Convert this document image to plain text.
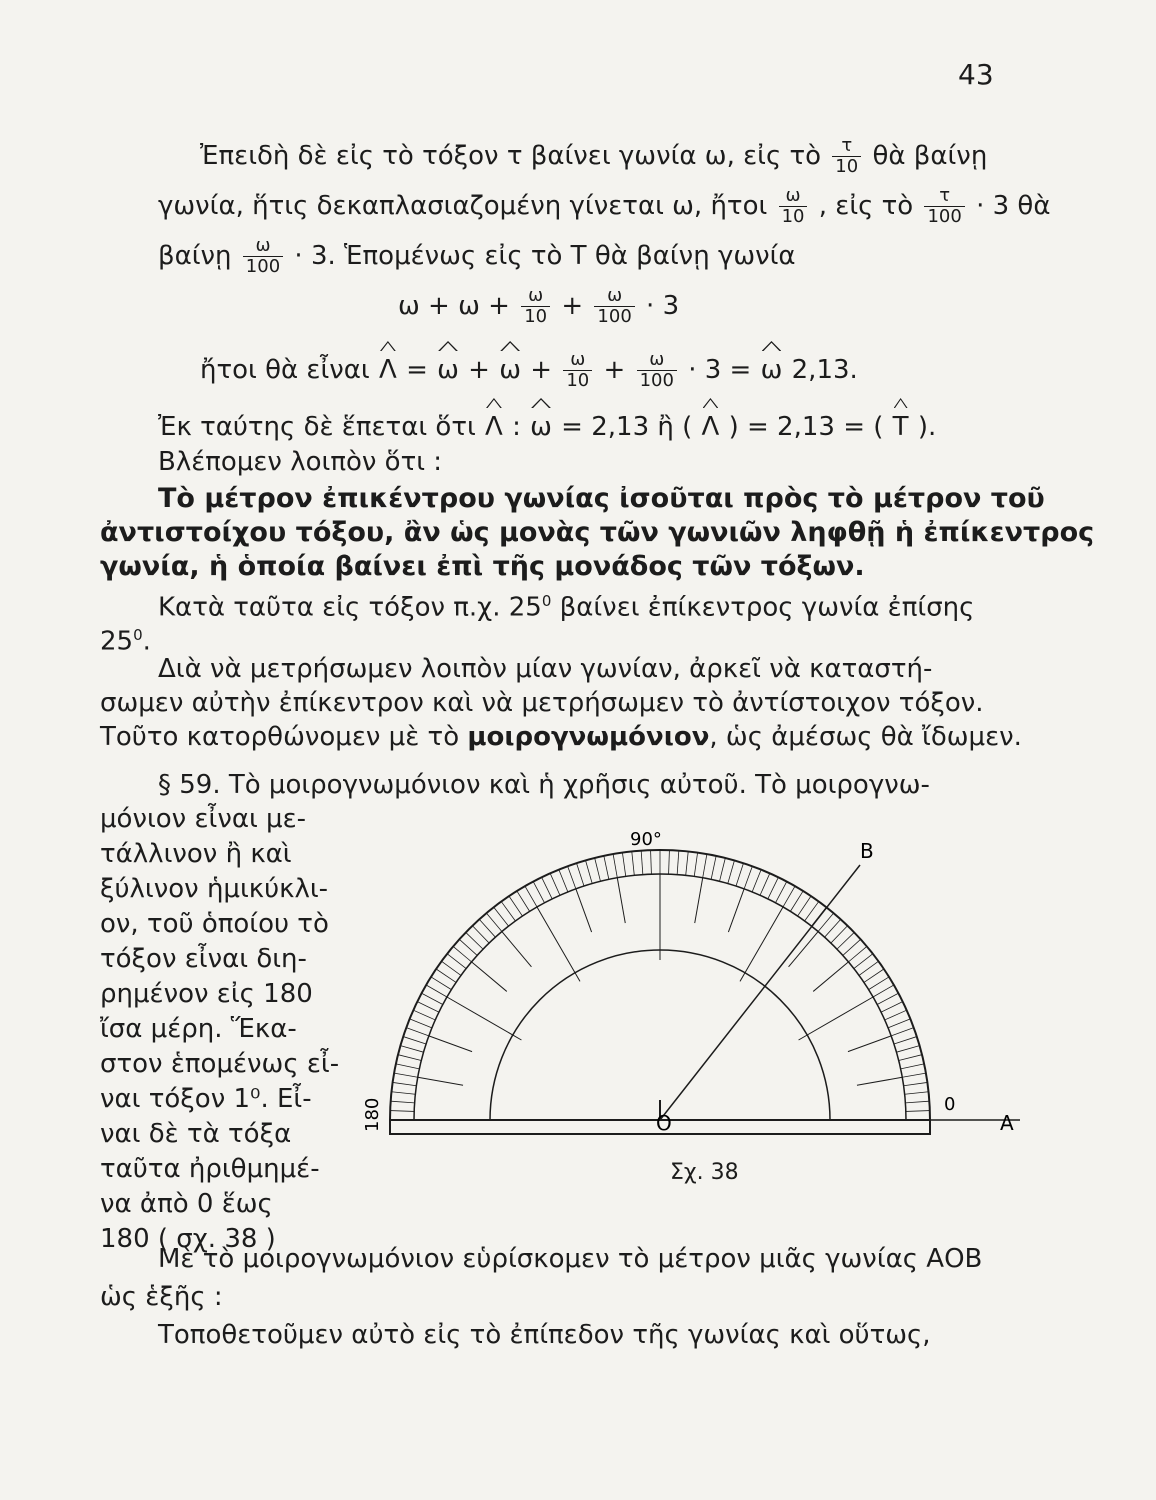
43
Ἐπειδὴ δὲ εἰς τὸ τόξον τ βαίνει γωνία ω, εἰς τὸ $\frac{\tau}{10}$ θὰ βαίνῃ
γωνία, ἥτις δεκαπλασιαζομένη γίνεται ω, ἤτοι $\frac{\omega}{10}$ , εἰς τὸ $\frac{\tau}{100} \cdot 3$ θὰ
βαίνῃ $\frac{\omega}{100} \cdot 3$. Ἑπομένως εἰς τὸ Τ θὰ βαίνῃ γωνία
$\omega + \omega + \frac{\omega}{10} + \frac{\omega}{100} \cdot 3$
ἤτοι θὰ εἶναι $\Lambda = \omega + \omega + \frac{\omega}{10} + \frac{\omega}{100} \cdot 3 = \omega$ 2,13.
Ἐκ ταύτης δὲ ἕπεται ὅτι Λ : ω = 2,13 ἢ ( Λ ) = 2,13 = ( Τ ).
Βλέπομεν λοιπὸν ὅτι :
Τὸ μέτρον ἐπικέντρου γωνίας ἰσοῦται πρὸς τὸ μέτρον τοῦ
ἀντιστοίχου τόξου, ἂν ὡς μονὰς τῶν γωνιῶν ληφθῇ ἡ ἐπίκεντρος
γωνία, ἡ ὁποία βαίνει ἐπὶ τῆς μονάδος τῶν τόξων.
Κατὰ ταῦτα εἰς τόξον π.χ. $25^0$ βαίνει ἐπίκεντρος γωνία ἐπίσης
$25^0$.
Διὰ νὰ μετρήσωμεν λοιπὸν μίαν γωνίαν, ἀρκεῖ νὰ καταστή-
σωμεν αὐτὴν ἐπίκεντρον καὶ νὰ μετρήσωμεν τὸ ἀντίστοιχον τόξον.
Τοῦτο κατορθώνομεν μὲ τὸ μοιρογνωμόνιον, ὡς ἀμέσως θὰ ἴδωμεν.
§ 59. Τὸ μοιρογνωμόνιον καὶ ἡ χρῆσις αὐτοῦ. Τὸ μοιρογνω-
μόνιον εἶναι με-
τάλλινον ἢ καὶ
ξύλινον ἡμικύκλι-
ον, τοῦ ὁποίου τὸ
τόξον εἶναι διη-
ρημένον εἰς 180
ἴσα μέρη. Ἕκα-
στον ἑπομένως εἶ-
ναι τόξον 1⁰. Εἶ-
ναι δὲ τὰ τόξα
ταῦτα ἠριθμημέ-
να ἀπὸ 0 ἕως
180 ( σχ. 38 )
90°	Β
180	Ο
0
Α
Σχ. 38
Μὲ τὸ μοιρογνωμόνιον εὑρίσκομεν τὸ μέτρον μιᾶς γωνίας ΑΟΒ
ὡς ἑξῆς :
Τοποθετοῦμεν αὐτὸ εἰς τὸ ἐπίπεδον τῆς γωνίας καὶ οὕτως,
